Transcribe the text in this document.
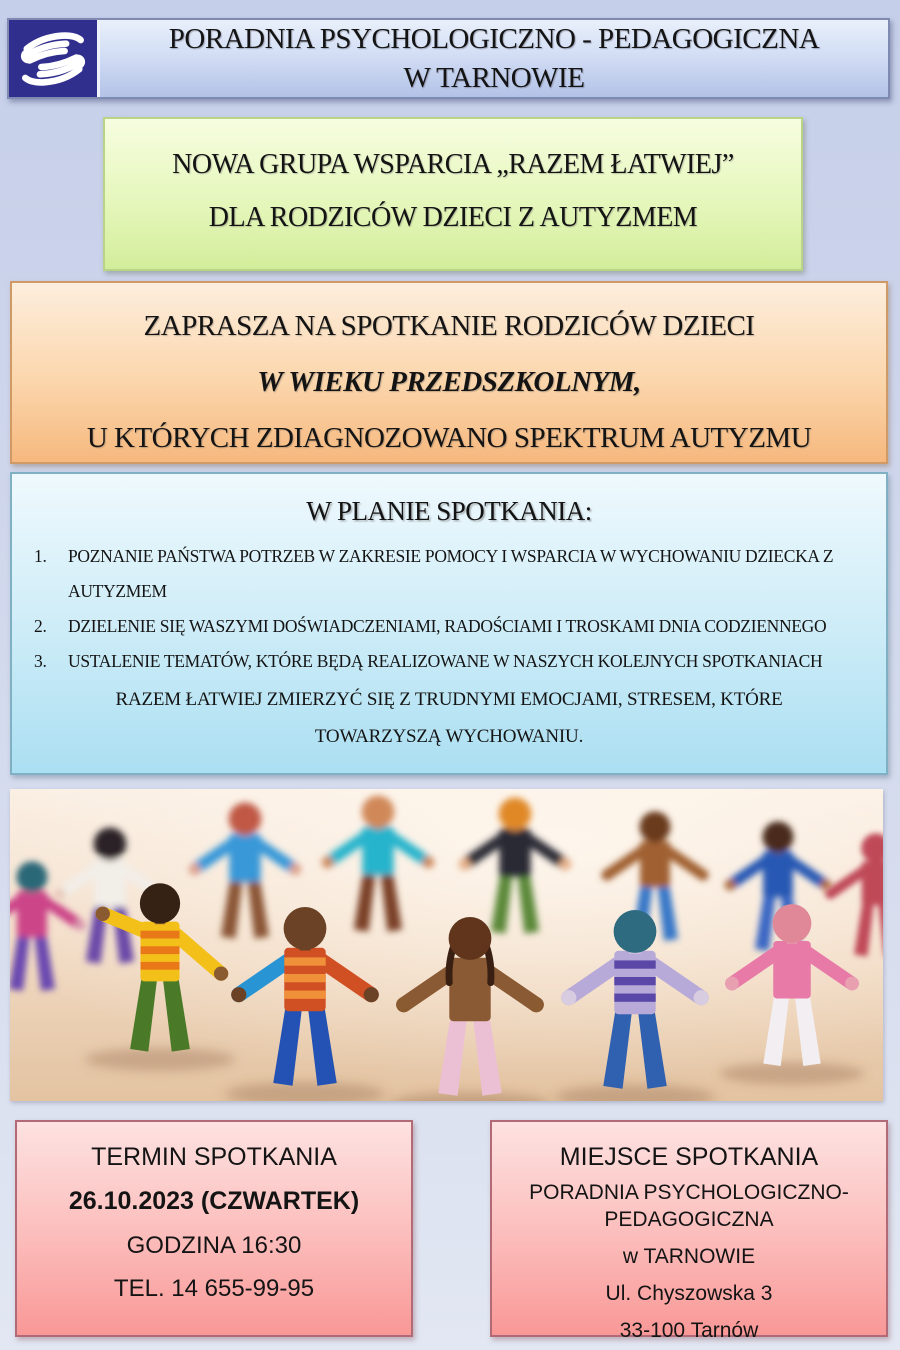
PORADNIA PSYCHOLOGICZNO - PEDAGOGICZNA
W TARNOWIE
NOWA GRUPA WSPARCIA „RAZEM ŁATWIEJ”
DLA RODZICÓW DZIECI Z AUTYZMEM
ZAPRASZA NA SPOTKANIE RODZICÓW DZIECI
W WIEKU PRZEDSZKOLNYM,
U KTÓRYCH ZDIAGNOZOWANO SPEKTRUM AUTYZMU
W PLANIE SPOTKANIA:
1. POZNANIE PAŃSTWA POTRZEB W ZAKRESIE POMOCY I WSPARCIA W WYCHOWANIU DZIECKA Z AUTYZMEM
2. DZIELENIE SIĘ WASZYMI DOŚWIADCZENIAMI, RADOŚCIAMI I TROSKAMI DNIA CODZIENNEGO
3. USTALENIE TEMATÓW, KTÓRE BĘDĄ REALIZOWANE W NASZYCH KOLEJNYCH SPOTKANIACH
RAZEM ŁATWIEJ ZMIERZYĆ SIĘ Z TRUDNYMI EMOCJAMI, STRESEM, KTÓRE
TOWARZYSZĄ WYCHOWANIU.
TERMIN SPOTKANIA
26.10.2023 (CZWARTEK)
GODZINA 16:30
TEL. 14 655-99-95
MIEJSCE SPOTKANIA
PORADNIA PSYCHOLOGICZNO-PEDAGOGICZNA
w TARNOWIE
Ul. Chyszowska 3
33-100 Tarnów
